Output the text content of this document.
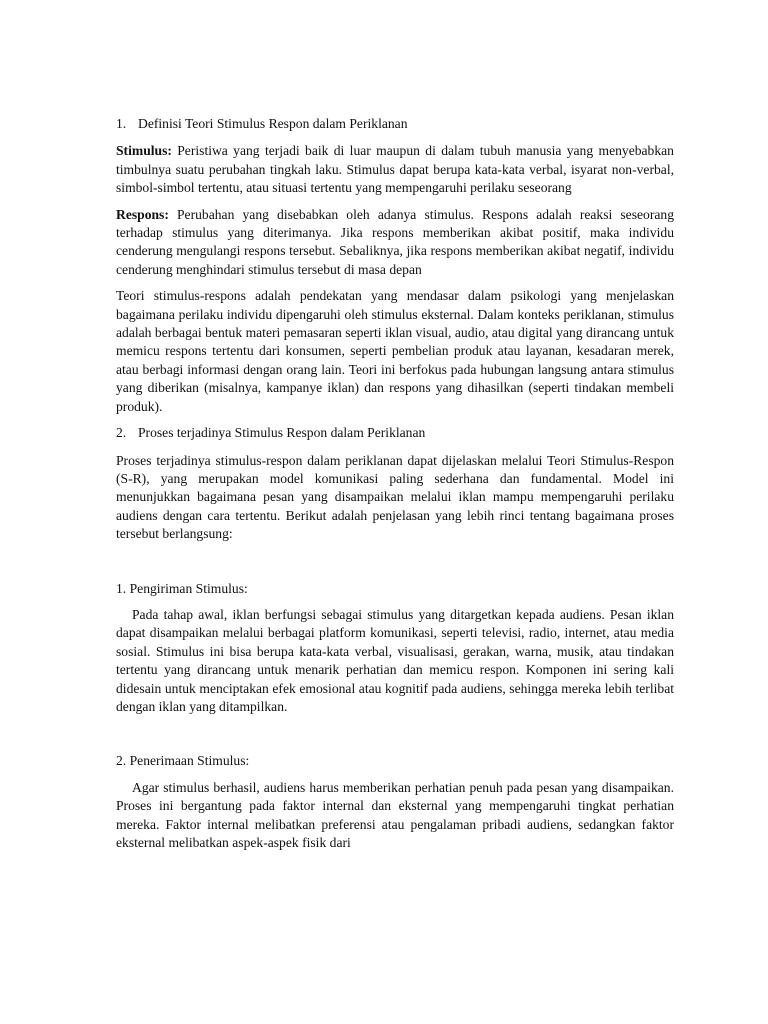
1. Definisi Teori Stimulus Respon dalam Periklanan

Stimulus: Peristiwa yang terjadi baik di luar maupun di dalam tubuh manusia yang menyebabkan timbulnya suatu perubahan tingkah laku. Stimulus dapat berupa kata-kata verbal, isyarat non-verbal, simbol-simbol tertentu, atau situasi tertentu yang mempengaruhi perilaku seseorang

Respons: Perubahan yang disebabkan oleh adanya stimulus. Respons adalah reaksi seseorang terhadap stimulus yang diterimanya. Jika respons memberikan akibat positif, maka individu cenderung mengulangi respons tersebut. Sebaliknya, jika respons memberikan akibat negatif, individu cenderung menghindari stimulus tersebut di masa depan

Teori stimulus-respons adalah pendekatan yang mendasar dalam psikologi yang menjelaskan bagaimana perilaku individu dipengaruhi oleh stimulus eksternal. Dalam konteks periklanan, stimulus adalah berbagai bentuk materi pemasaran seperti iklan visual, audio, atau digital yang dirancang untuk memicu respons tertentu dari konsumen, seperti pembelian produk atau layanan, kesadaran merek, atau berbagi informasi dengan orang lain. Teori ini berfokus pada hubungan langsung antara stimulus yang diberikan (misalnya, kampanye iklan) dan respons yang dihasilkan (seperti tindakan membeli produk).

2. Proses terjadinya Stimulus Respon dalam Periklanan

Proses terjadinya stimulus-respon dalam periklanan dapat dijelaskan melalui Teori Stimulus-Respon (S-R), yang merupakan model komunikasi paling sederhana dan fundamental. Model ini menunjukkan bagaimana pesan yang disampaikan melalui iklan mampu mempengaruhi perilaku audiens dengan cara tertentu. Berikut adalah penjelasan yang lebih rinci tentang bagaimana proses tersebut berlangsung:

1. Pengiriman Stimulus:

Pada tahap awal, iklan berfungsi sebagai stimulus yang ditargetkan kepada audiens. Pesan iklan dapat disampaikan melalui berbagai platform komunikasi, seperti televisi, radio, internet, atau media sosial. Stimulus ini bisa berupa kata-kata verbal, visualisasi, gerakan, warna, musik, atau tindakan tertentu yang dirancang untuk menarik perhatian dan memicu respon. Komponen ini sering kali didesain untuk menciptakan efek emosional atau kognitif pada audiens, sehingga mereka lebih terlibat dengan iklan yang ditampilkan.

2. Penerimaan Stimulus:

Agar stimulus berhasil, audiens harus memberikan perhatian penuh pada pesan yang disampaikan. Proses ini bergantung pada faktor internal dan eksternal yang mempengaruhi tingkat perhatian mereka. Faktor internal melibatkan preferensi atau pengalaman pribadi audiens, sedangkan faktor eksternal melibatkan aspek-aspek fisik dari
